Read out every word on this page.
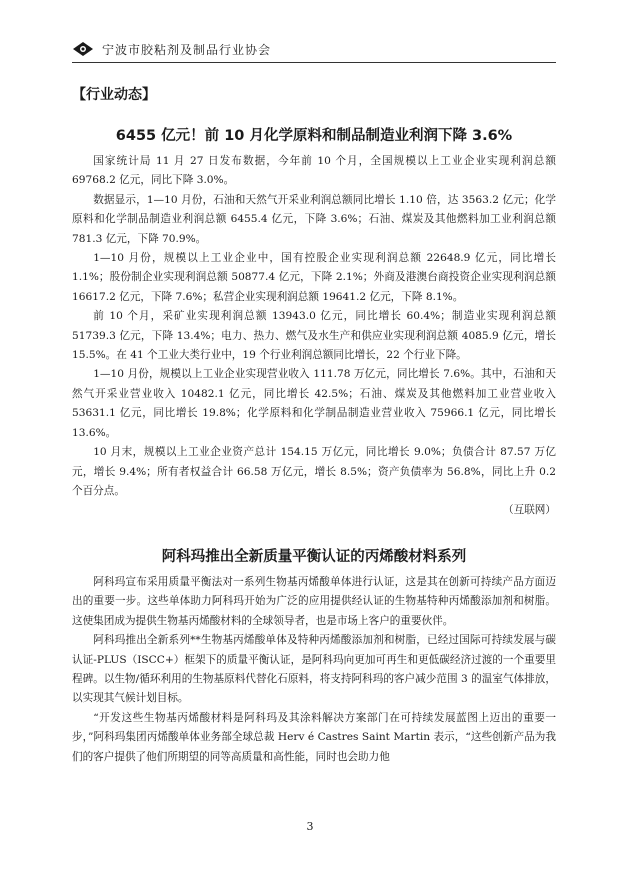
宁波市胶粘剂及制品行业协会
【行业动态】
6455 亿元！前 10 月化学原料和制品制造业利润下降 3.6%

国家统计局 11 月 27 日发布数据，今年前 10 个月，全国规模以上工业企业实现利润总额 69768.2 亿元，同比下降 3.0%。

数据显示，1—10 月份，石油和天然气开采业利润总额同比增长 1.10 倍，达 3563.2 亿元；化学原料和化学制品制造业利润总额 6455.4 亿元，下降 3.6%；石油、煤炭及其他燃料加工业利润总额 781.3 亿元，下降 70.9%。

1—10 月份，规模以上工业企业中，国有控股企业实现利润总额 22648.9 亿元，同比增长 1.1%；股份制企业实现利润总额 50877.4 亿元，下降 2.1%；外商及港澳台商投资企业实现利润总额 16617.2 亿元，下降 7.6%；私营企业实现利润总额 19641.2 亿元，下降 8.1%。

前 10 个月，采矿业实现利润总额 13943.0 亿元，同比增长 60.4%；制造业实现利润总额 51739.3 亿元，下降 13.4%；电力、热力、燃气及水生产和供应业实现利润总额 4085.9 亿元，增长 15.5%。在 41 个工业大类行业中，19 个行业利润总额同比增长，22 个行业下降。

1—10 月份，规模以上工业企业实现营业收入 111.78 万亿元，同比增长 7.6%。其中，石油和天然气开采业营业收入 10482.1 亿元，同比增长 42.5%；石油、煤炭及其他燃料加工业营业收入 53631.1 亿元，同比增长 19.8%；化学原料和化学制品制造业营业收入 75966.1 亿元，同比增长 13.6%。

10 月末，规模以上工业企业资产总计 154.15 万亿元，同比增长 9.0%；负债合计 87.57 万亿元，增长 9.4%；所有者权益合计 66.58 万亿元，增长 8.5%；资产负债率为 56.8%，同比上升 0.2 个百分点。

（互联网）
阿科玛推出全新质量平衡认证的丙烯酸材料系列

阿科玛宣布采用质量平衡法对一系列生物基丙烯酸单体进行认证，这是其在创新可持续产品方面迈出的重要一步。这些单体助力阿科玛开始为广泛的应用提供经认证的生物基特种丙烯酸添加剂和树脂。这使集团成为提供生物基丙烯酸材料的全球领导者，也是市场上客户的重要伙伴。

阿科玛推出全新系列**生物基丙烯酸单体及特种丙烯酸添加剂和树脂，已经过国际可持续发展与碳认证-PLUS（ISCC+）框架下的质量平衡认证，是阿科玛向更加可再生和更低碳经济过渡的一个重要里程碑。以生物/循环利用的生物基原料代替化石原料，将支持阿科玛的客户减少范围 3 的温室气体排放，以实现其气候计划目标。

“开发这些生物基丙烯酸材料是阿科玛及其涂料解决方案部门在可持续发展蓝图上迈出的重要一步，”阿科玛集团丙烯酸单体业务部全球总裁 Herv é Castres Saint Martin 表示，“这些创新产品为我们的客户提供了他们所期望的同等高质量和高性能，同时也会助力他

3
